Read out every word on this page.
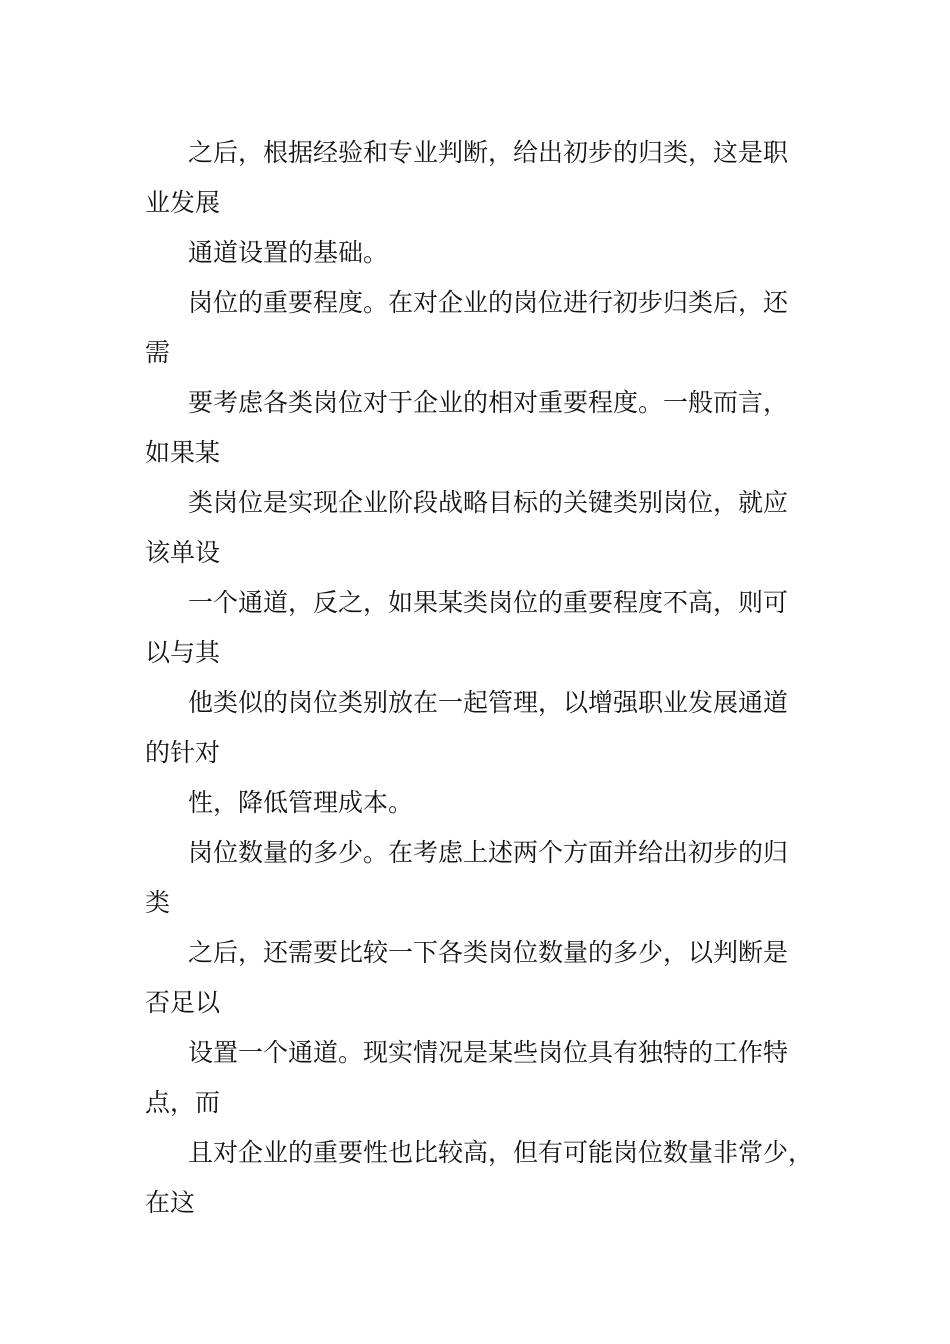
之后，根据经验和专业判断，给出初步的归类，这是职
业发展
通道设置的基础。
岗位的重要程度。在对企业的岗位进行初步归类后，还
需
要考虑各类岗位对于企业的相对重要程度。一般而言，
如果某
类岗位是实现企业阶段战略目标的关键类别岗位，就应
该单设
一个通道，反之，如果某类岗位的重要程度不高，则可
以与其
他类似的岗位类别放在一起管理，以增强职业发展通道
的针对
性，降低管理成本。
岗位数量的多少。在考虑上述两个方面并给出初步的归
类
之后，还需要比较一下各类岗位数量的多少，以判断是
否足以
设置一个通道。现实情况是某些岗位具有独特的工作特
点，而
且对企业的重要性也比较高，但有可能岗位数量非常少，
在这
